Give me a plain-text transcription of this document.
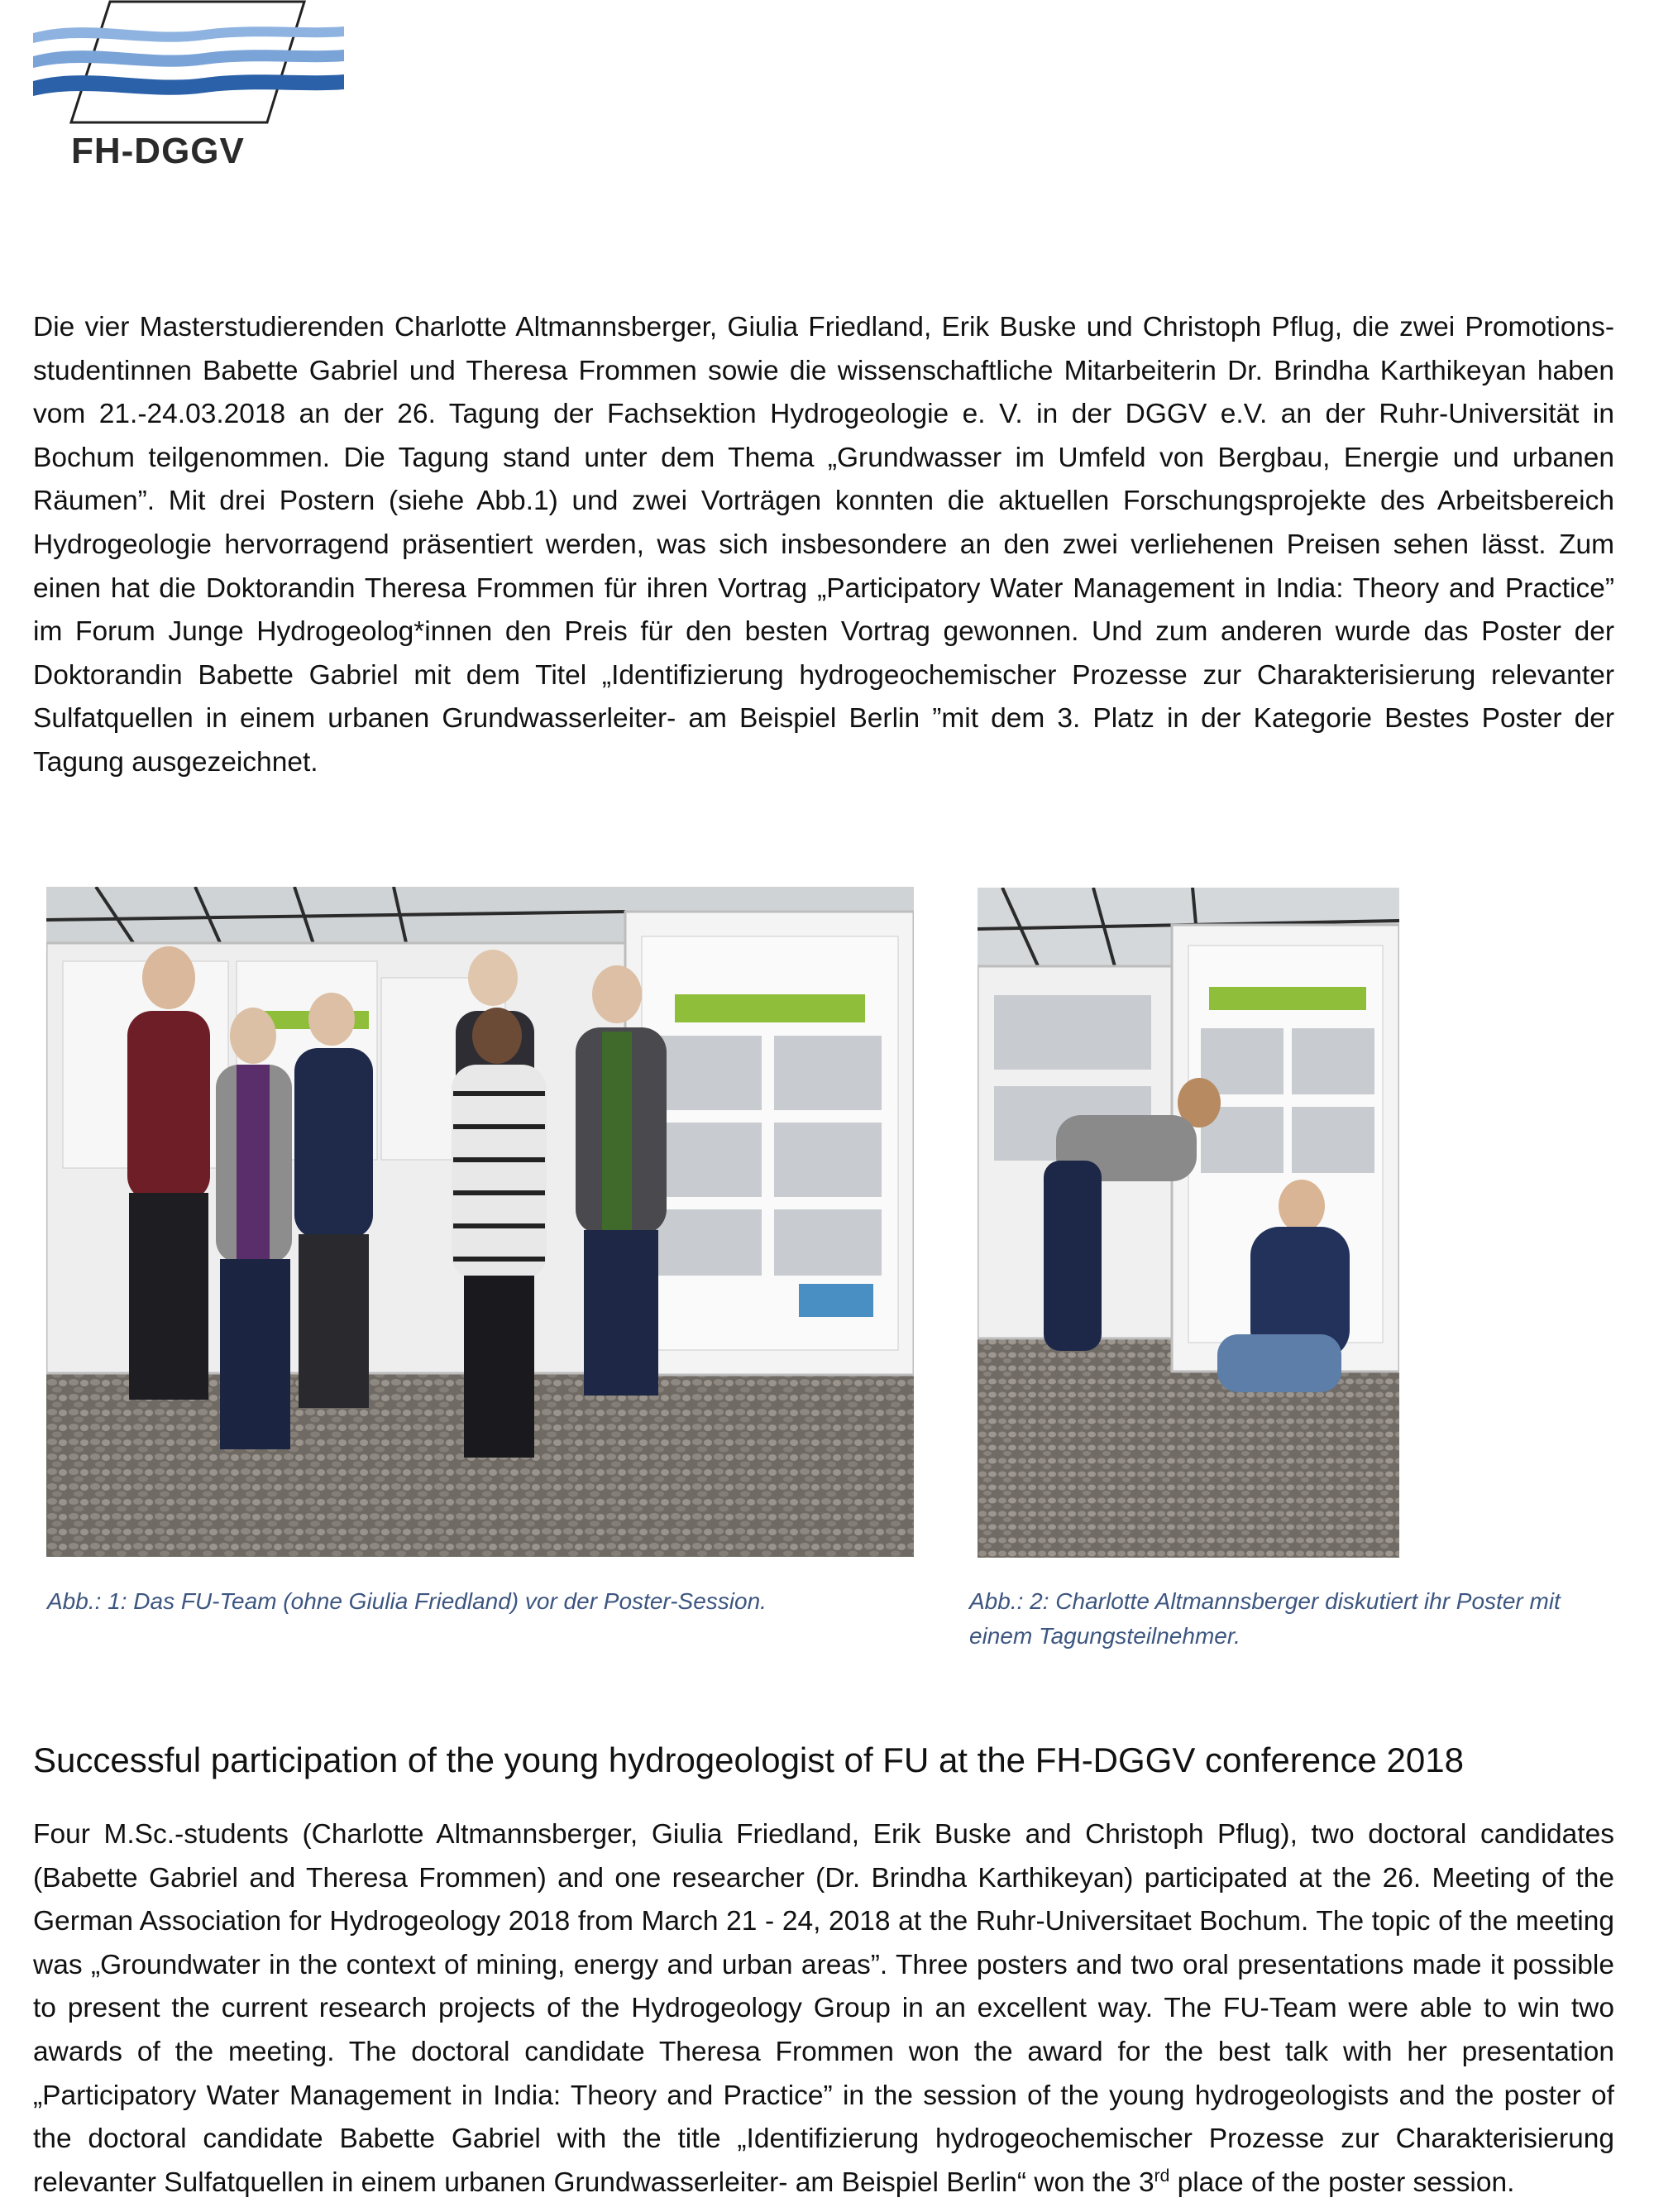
FH-DGGV
Die vier Masterstudierenden Charlotte Altmannsberger, Giulia Friedland, Erik Buske und Christoph Pflug, die zwei Promotions-studentinnen Babette Gabriel und Theresa Frommen sowie die wissenschaftliche Mitarbeiterin Dr. Brindha Karthikeyan haben vom 21.-24.03.2018 an der 26. Tagung der Fachsektion Hydrogeologie e. V. in der DGGV e.V. an der Ruhr-Universität in Bochum teilgenommen. Die Tagung stand unter dem Thema „Grundwasser im Umfeld von Bergbau, Energie und urbanen Räumen”. Mit drei Postern (siehe Abb.1) und zwei Vorträgen konnten die aktuellen Forschungsprojekte des Arbeitsbereich Hydrogeologie hervorragend präsentiert werden, was sich insbesondere an den zwei verliehenen Preisen sehen lässt. Zum einen hat die Doktorandin Theresa Frommen für ihren Vortrag „Participatory Water Management in India: Theory and Practice” im Forum Junge Hydrogeolog*innen den Preis für den besten Vortrag gewonnen. Und zum anderen wurde das Poster der Doktorandin Babette Gabriel mit dem Titel „Identifizierung hydrogeochemischer Prozesse zur Charakterisierung relevanter Sulfatquellen in einem urbanen Grundwasserleiter- am Beispiel Berlin ”mit dem 3. Platz in der Kategorie Bestes Poster der Tagung ausgezeichnet.
Abb.: 1: Das FU-Team (ohne Giulia Friedland) vor der Poster-Session.	Abb.: 2: Charlotte Altmannsberger diskutiert ihr Poster mit einem Tagungsteilnehmer.
Successful participation of the young hydrogeologist of FU at the FH-DGGV conference 2018
Four M.Sc.-students (Charlotte Altmannsberger, Giulia Friedland, Erik Buske and Christoph Pflug), two doctoral candidates (Babette Gabriel and Theresa Frommen) and one researcher (Dr. Brindha Karthikeyan) participated at the 26. Meeting of the German Association for Hydrogeology 2018 from March 21 - 24, 2018 at the Ruhr-Universitaet Bochum. The topic of the meeting was „Groundwater in the context of mining, energy and urban areas”. Three posters and two oral presentations made it possible to present the current research projects of the Hydrogeology Group in an excellent way. The FU-Team were able to win two awards of the meeting. The doctoral candidate Theresa Frommen won the award for the best talk with her presentation „Participatory Water Management in India: Theory and Practice” in the session of the young hydrogeologists and the poster of the doctoral candidate Babette Gabriel with the title „Identifizierung hydrogeochemischer Prozesse zur Charakterisierung relevanter Sulfatquellen in einem urbanen Grundwasserleiter- am Beispiel Berlin“ won the 3rd place of the poster session.
